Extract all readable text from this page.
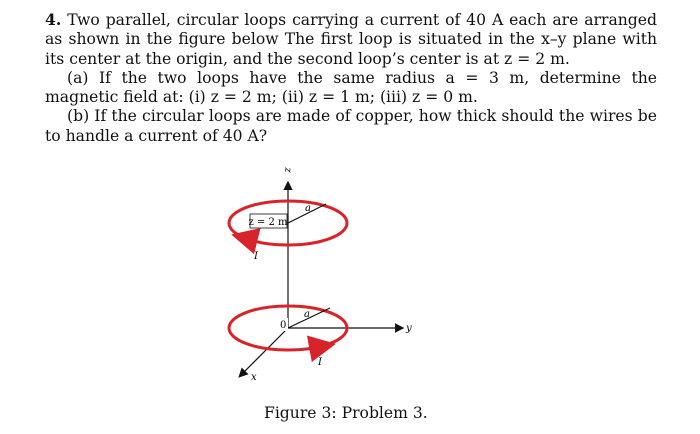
4. Two parallel, circular loops carrying a current of 40 A each are arranged as shown in the figure below The first loop is situated in the x–y plane with its center at the origin, and the second loop’s center is at z = 2 m.

(a) If the two loops have the same radius a = 3 m, determine the magnetic field at: (i) z = 2 m; (ii) z = 1 m; (iii) z = 0 m.

(b) If the circular loops are made of copper, how thick should the wires be to handle a current of 40 A?

z = 2 m
a
I
0
a
I
z
y
x
Figure 3: Problem 3.
